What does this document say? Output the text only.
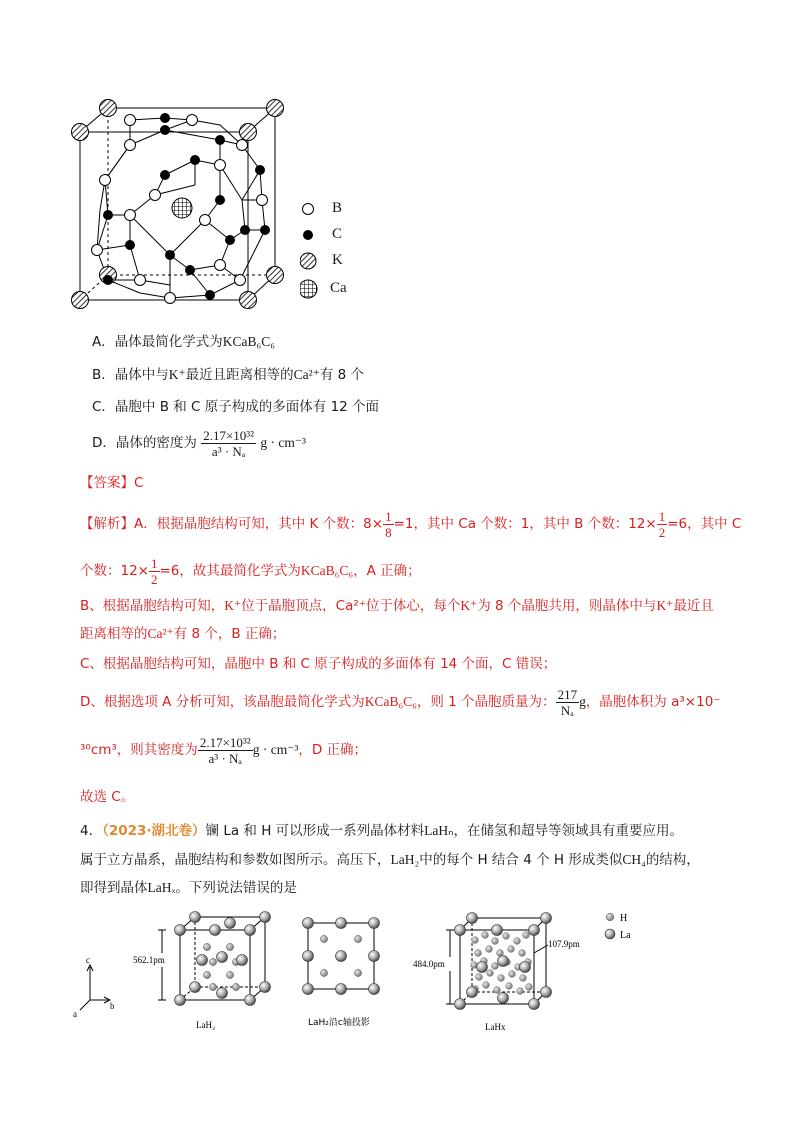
B
C
K
Ca
A．晶体最简化学式为KCaB₆C₆
B．晶体中与K⁺最近且距离相等的Ca²⁺有 8 个
C．晶胞中 B 和 C 原子构成的多面体有 12 个面
D．晶体的密度为 $\frac{\text{2.17×10³²}}{\text{a³ · Nₐ}}$ g · cm⁻³
【答案】C
【解析】A．根据晶胞结构可知，其中 K 个数：$8\times \frac{1}{8} =1$，其中 Ca 个数：1，其中 B 个数：$12\times \frac{1}{2} =6$，其中 C
个数：$12\times \frac{1}{2} =6$，故其最简化学式为KCaB₆C₆，A 正确；
B、根据晶胞结构可知，K⁺位于晶胞顶点，Ca²⁺位于体心，每个K⁺为 8 个晶胞共用，则晶体中与K⁺最近且
距离相等的Ca²⁺有 8 个，B 正确；
C、根据晶胞结构可知，晶胞中 B 和 C 原子构成的多面体有 14 个面，C 错误；
D、根据选项 A 分析可知，该晶胞最简化学式为KCaB₆C₆，则 1 个晶胞质量为： $\frac{217}{\text{Nₐ}}$ g，晶胞体积为 a³×10⁻
³⁰cm³，则其密度为 $\frac{\text{2.17×10³²}}{\text{a³ · Nₐ}}$ g · cm⁻³，D 正确；
故选 C。
4．（2023·湖北卷）镧 La 和 H 可以形成一系列晶体材料LaHₙ，在储氢和超导等领域具有重要应用。
属于立方晶系，晶胞结构和参数如图所示。高压下，LaH₂中的每个 H 结合 4 个 H 形成类似CH₄的结构，
即得到晶体LaHₓ。下列说法错误的是
c
a
b
562.1pm
LaH₂	LaH₂沿c轴投影
484.0pm
107.9pm
LaHx
H
La
